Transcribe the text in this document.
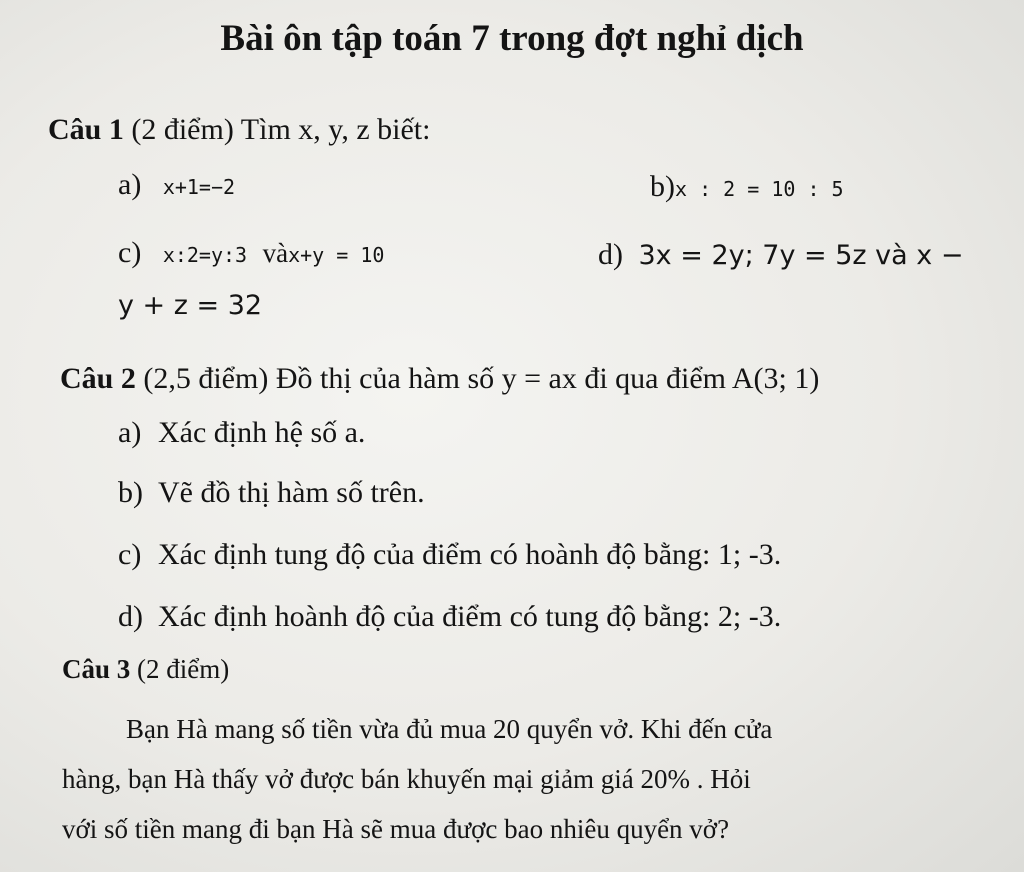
Bài ôn tập toán 7 trong đợt nghỉ dịch
Câu 1 (2 điểm) Tìm x, y, z biết:
a) x+1=−2	b)x : 2 = 10 : 5
c) x:2=y:3 vàx+y = 10	d) 3x = 2y; 7y = 5z và x −
y + z = 32
Câu 2 (2,5 điểm) Đồ thị của hàm số y = ax đi qua điểm A(3; 1)
a) Xác định hệ số a.
b) Vẽ đồ thị hàm số trên.
c) Xác định tung độ của điểm có hoành độ bằng: 1; -3.
d) Xác định hoành độ của điểm có tung độ bằng: 2; -3.
Câu 3 (2 điểm)
Bạn Hà mang số tiền vừa đủ mua 20 quyển vở. Khi đến cửa
hàng, bạn Hà thấy vở được bán khuyến mại giảm giá 20% . Hỏi
với số tiền mang đi bạn Hà sẽ mua được bao nhiêu quyển vở?
